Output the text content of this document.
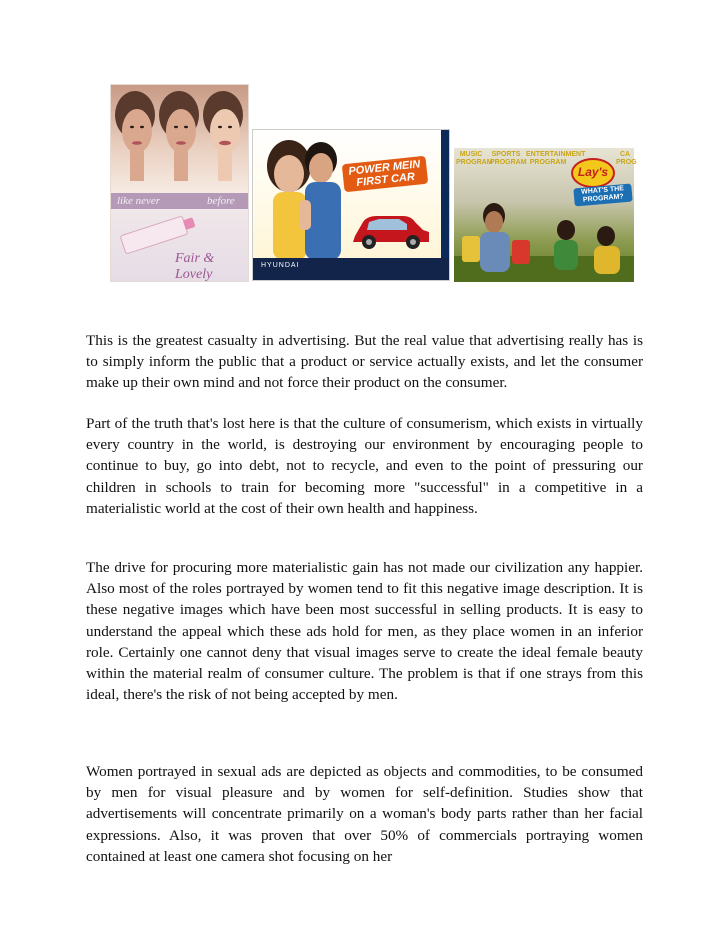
like never	before
Fair & Lovely
POWER MEIN FIRST CAR
HYUNDAI
MUSIC PROGRAM
SPORTS PROGRAM
ENTERTAINMENT PROGRAM
CA PROG
Lay's
WHAT'S THE PROGRAM?

This is the greatest casualty in advertising. But the real value that advertising really has is to simply inform the public that a product or service actually exists, and let the consumer make up their own mind and not force their product on the consumer.

Part of the truth that's lost here is that the culture of consumerism, which exists in virtually every country in the world, is destroying our environment by encouraging people to continue to buy, go into debt, not to recycle, and even to the point of pressuring our children in schools to train for becoming more "successful" in a competitive in a materialistic world at the cost of their own health and happiness.

The drive for procuring more materialistic gain has not made our civilization any happier. Also most of the roles portrayed by women tend to fit this negative image description. It is these negative images which have been most successful in selling products. It is easy to understand the appeal which these ads hold for men, as they place women in an inferior role. Certainly one cannot deny that visual images serve to create the ideal female beauty within the material realm of consumer culture. The problem is that if one strays from this ideal, there's the risk of not being accepted by men.

Women portrayed in sexual ads are depicted as objects and commodities, to be consumed by men for visual pleasure and by women for self-definition. Studies show that advertisements will concentrate primarily on a woman's body parts rather than her facial expressions. Also, it was proven that over 50% of commercials portraying women contained at least one camera shot focusing on her
